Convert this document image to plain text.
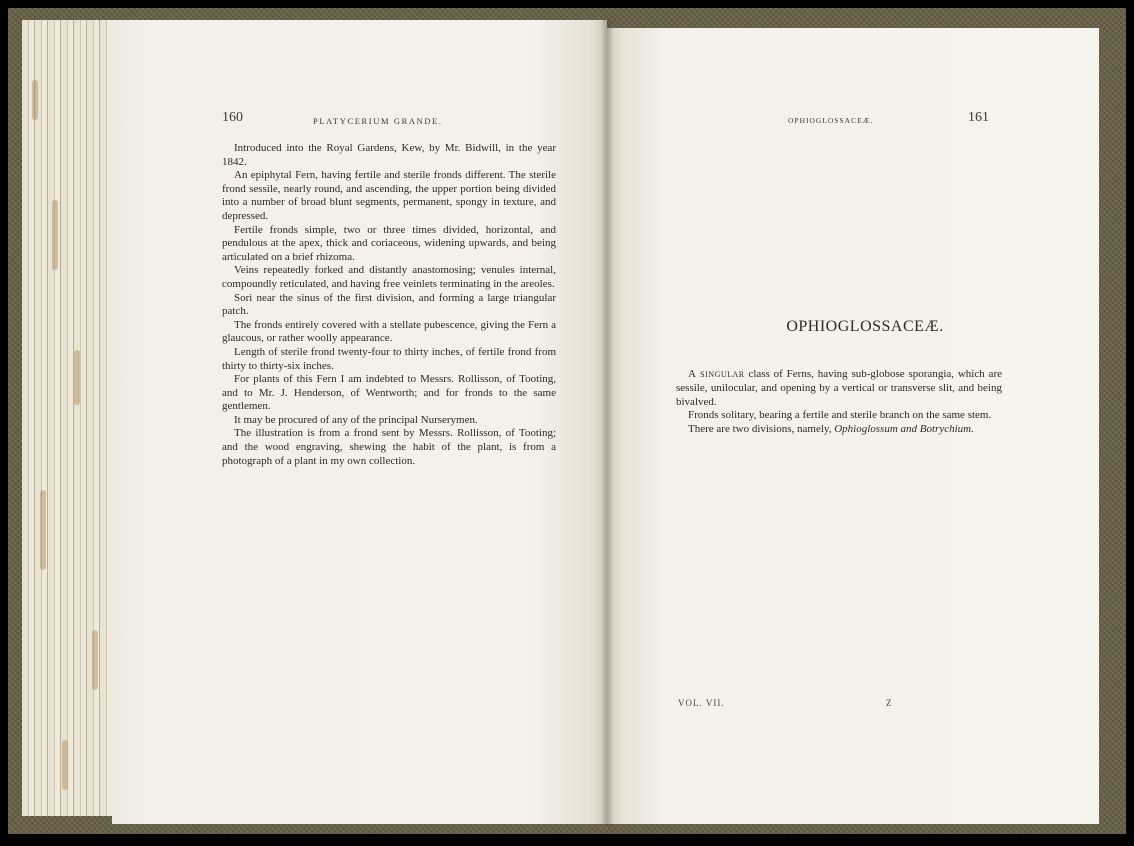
160	PLATYCERIUM GRANDE.

Introduced into the Royal Gardens, Kew, by Mr. Bidwill, in the year 1842.

An epiphytal Fern, having fertile and sterile fronds different. The sterile frond sessile, nearly round, and ascending, the upper portion being divided into a number of broad blunt segments, permanent, spongy in texture, and depressed.

Fertile fronds simple, two or three times divided, horizontal, and pendulous at the apex, thick and coriaceous, widening upwards, and being articulated on a brief rhizoma.

Veins repeatedly forked and distantly anastomosing; venules internal, compoundly reticulated, and having free veinlets terminating in the areoles.

Sori near the sinus of the first division, and forming a large triangular patch.

The fronds entirely covered with a stellate pubescence, giving the Fern a glaucous, or rather woolly appearance.

Length of sterile frond twenty-four to thirty inches, of fertile frond from thirty to thirty-six inches.

For plants of this Fern I am indebted to Messrs. Rollisson, of Tooting, and to Mr. J. Henderson, of Wentworth; and for fronds to the same gentlemen.

It may be procured of any of the principal Nurserymen.

The illustration is from a frond sent by Messrs. Rollisson, of Tooting; and the wood engraving, shewing the habit of the plant, is from a photograph of a plant in my own collection.

OPHIOGLOSSACEÆ.	161
OPHIOGLOSSACEÆ.

A singular class of Ferns, having sub-globose sporangia, which are sessile, unilocular, and opening by a vertical or transverse slit, and being bivalved.

Fronds solitary, bearing a fertile and sterile branch on the same stem.

There are two divisions, namely, Ophioglossum and Botrychium.

VOL. VII.	Z
